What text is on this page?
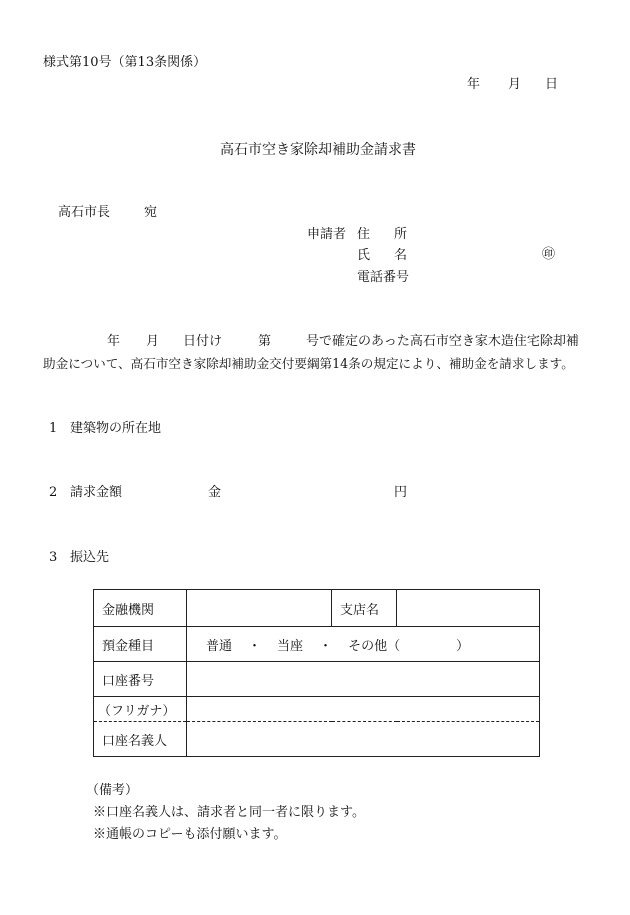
様式第10号（第13条関係）
年 月 日
高石市空き家除却補助金請求書
高石市長	宛
申請者 住 所
氏 名	㊞
電話番号
年 月 日付け	第	号で確定のあった高石市空き家木造住宅除却補
助金について、高石市空き家除却補助金交付要綱第14条の規定により、補助金を請求します。
1 建築物の所在地
2 請求金額	金	円
3 振込先
金融機関		支店名	
預金種目	普通 ・ 当座 ・ その他（ ）		
口座番号			
（フリガナ）			
口座名義人			
（備考）
※口座名義人は、請求者と同一者に限ります。
※通帳のコピーも添付願います。
